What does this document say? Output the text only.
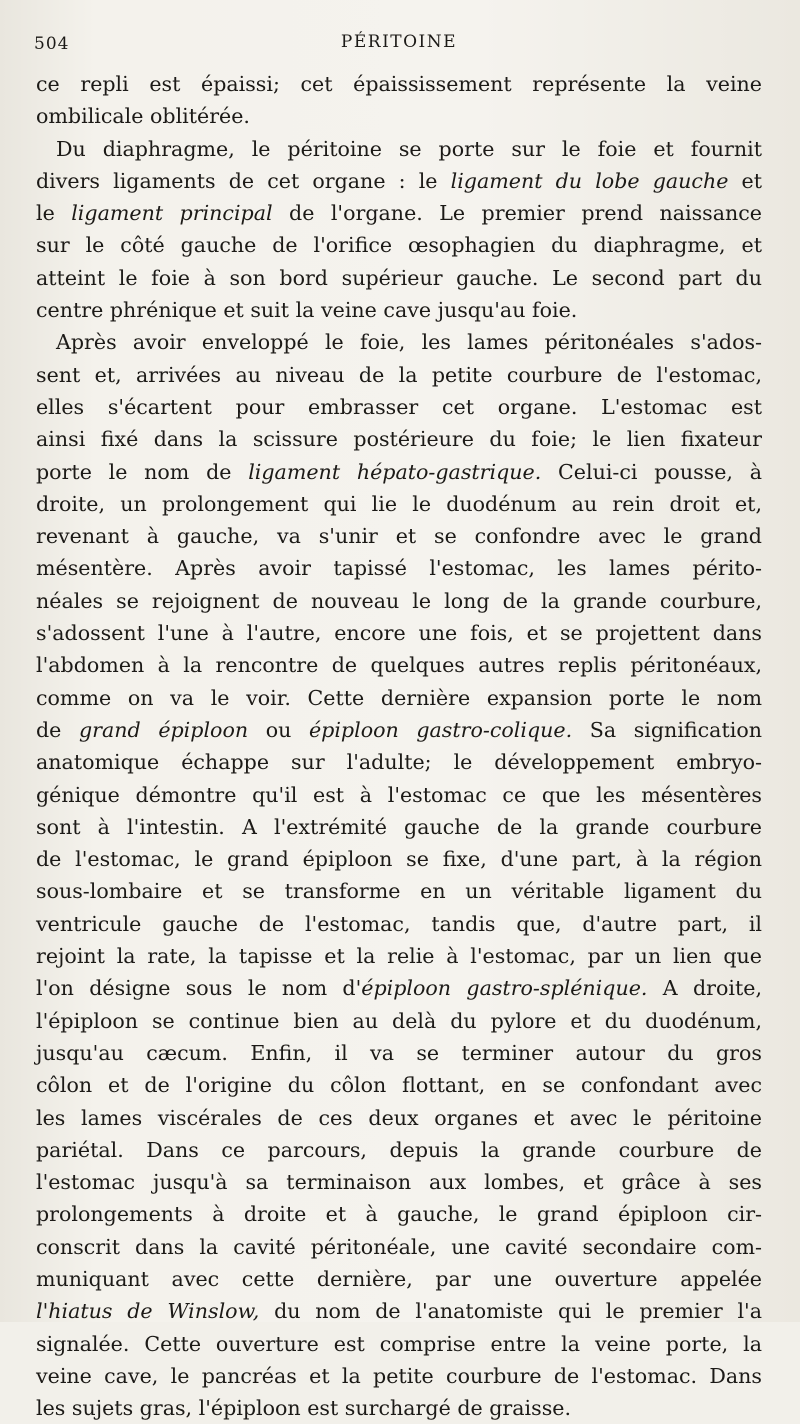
504	PÉRITOINE
ce repli est épaissi; cet épaississement représente la veine
ombilicale oblitérée.
Du diaphragme, le péritoine se porte sur le foie et fournit
divers ligaments de cet organe : le ligament du lobe gauche et
le ligament principal de l'organe. Le premier prend naissance
sur le côté gauche de l'orifice œsophagien du diaphragme, et
atteint le foie à son bord supérieur gauche. Le second part du
centre phrénique et suit la veine cave jusqu'au foie.
Après avoir enveloppé le foie, les lames péritonéales s'ados-
sent et, arrivées au niveau de la petite courbure de l'estomac,
elles s'écartent pour embrasser cet organe. L'estomac est
ainsi fixé dans la scissure postérieure du foie; le lien fixateur
porte le nom de ligament hépato-gastrique. Celui-ci pousse, à
droite, un prolongement qui lie le duodénum au rein droit et,
revenant à gauche, va s'unir et se confondre avec le grand
mésentère. Après avoir tapissé l'estomac, les lames périto-
néales se rejoignent de nouveau le long de la grande courbure,
s'adossent l'une à l'autre, encore une fois, et se projettent dans
l'abdomen à la rencontre de quelques autres replis péritonéaux,
comme on va le voir. Cette dernière expansion porte le nom
de grand épiploon ou épiploon gastro-colique. Sa signification
anatomique échappe sur l'adulte; le développement embryo-
génique démontre qu'il est à l'estomac ce que les mésentères
sont à l'intestin. A l'extrémité gauche de la grande courbure
de l'estomac, le grand épiploon se fixe, d'une part, à la région
sous-lombaire et se transforme en un véritable ligament du
ventricule gauche de l'estomac, tandis que, d'autre part, il
rejoint la rate, la tapisse et la relie à l'estomac, par un lien que
l'on désigne sous le nom d'épiploon gastro-splénique. A droite,
l'épiploon se continue bien au delà du pylore et du duodénum,
jusqu'au cæcum. Enfin, il va se terminer autour du gros
côlon et de l'origine du côlon flottant, en se confondant avec
les lames viscérales de ces deux organes et avec le péritoine
pariétal. Dans ce parcours, depuis la grande courbure de
l'estomac jusqu'à sa terminaison aux lombes, et grâce à ses
prolongements à droite et à gauche, le grand épiploon cir-
conscrit dans la cavité péritonéale, une cavité secondaire com-
muniquant avec cette dernière, par une ouverture appelée
l'hiatus de Winslow, du nom de l'anatomiste qui le premier l'a
signalée. Cette ouverture est comprise entre la veine porte, la
veine cave, le pancréas et la petite courbure de l'estomac. Dans
les sujets gras, l'épiploon est surchargé de graisse.
